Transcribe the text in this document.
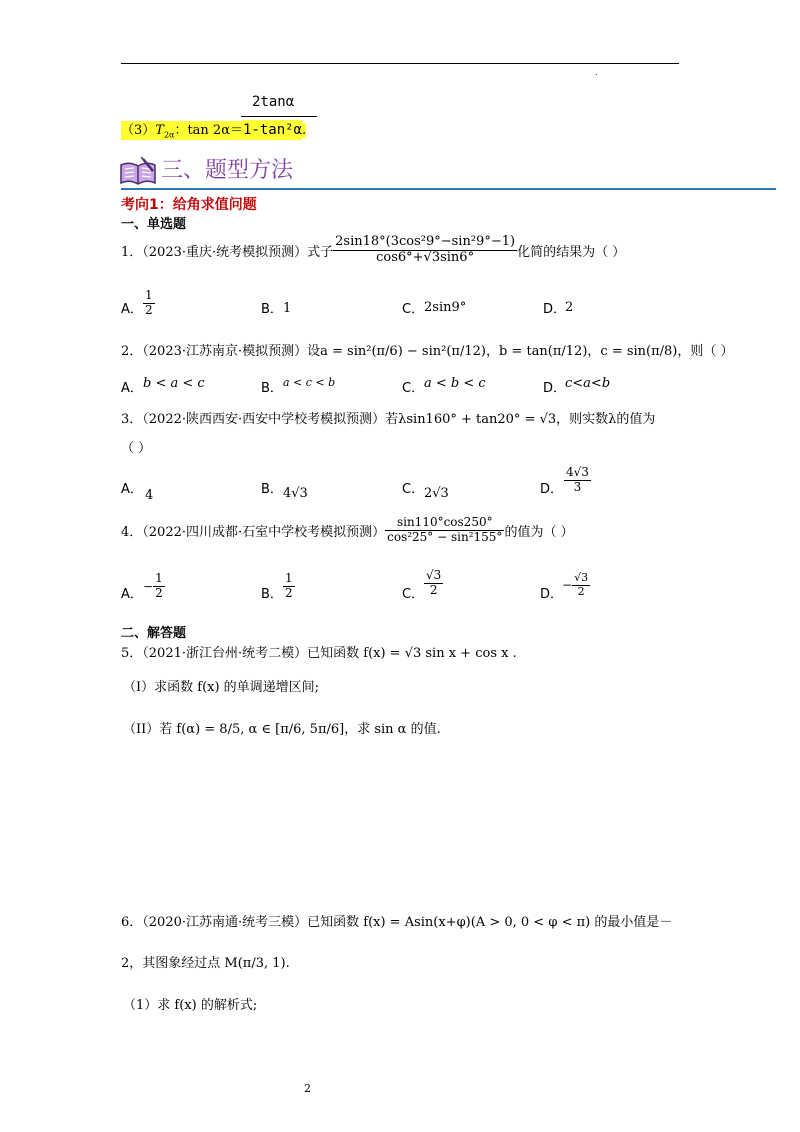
.
2tanα
$(3)T_{2\alpha}$：tan 2α＝1-tan²α.
三、题型方法
考向1：给角求值问题
一、单选题
1．（2023·重庆·统考模拟预测）式子 $\frac{\text{2sin18°(3cos²9°−sin²9°−1)}}{\cos 6^\circ+√3\sin 6^\circ}$ 化简的结果为（ ）
A． $\frac{1}{2}$	B． 1	C． 2sin9°	D．
2
2．（2023·江苏南京·模拟预测）设a = sin²(π/6) − sin²(π/12)，b = tan(π/12)，c = sin(π/8)，则（ ）
A． b < a < c	B． a < c < b	C． a < b < c	D．
c<a<b
3．（2022·陕西西安·西安中学校考模拟预测）若λsin160° + tan20° = √3，则实数λ的值为
（ ）
A． 4	B． 4√3	C． 2√3	D． $\frac{4√3}{3}$
4．（2022·四川成都·石室中学校考模拟预测） $\frac{\sin 110^\circ\cos 250^\circ}{\text{cos²25° − sin²155°}}$ 的值为（ ）
A．
− $\frac{1}{2}$	B． $\frac{1}{2}$	C． $\frac{√3}{2}$	D．
− $\frac{√3}{2}$
二、解答题
5．（2021·浙江台州·统考二模）已知函数 f(x) = √3 sin x + cos x .
（I）求函数 f(x) 的单调递增区间;
（II）若 f(α) = 8/5, α ∈ [π/6, 5π/6]，求 sin α 的值.
6．（2020·江苏南通·统考三模）已知函数 f(x) = Asin(x+φ)(A > 0, 0 < φ < π) 的最小值是－
2，其图象经过点 M(π/3, 1).
（1）求 f(x) 的解析式;
2
